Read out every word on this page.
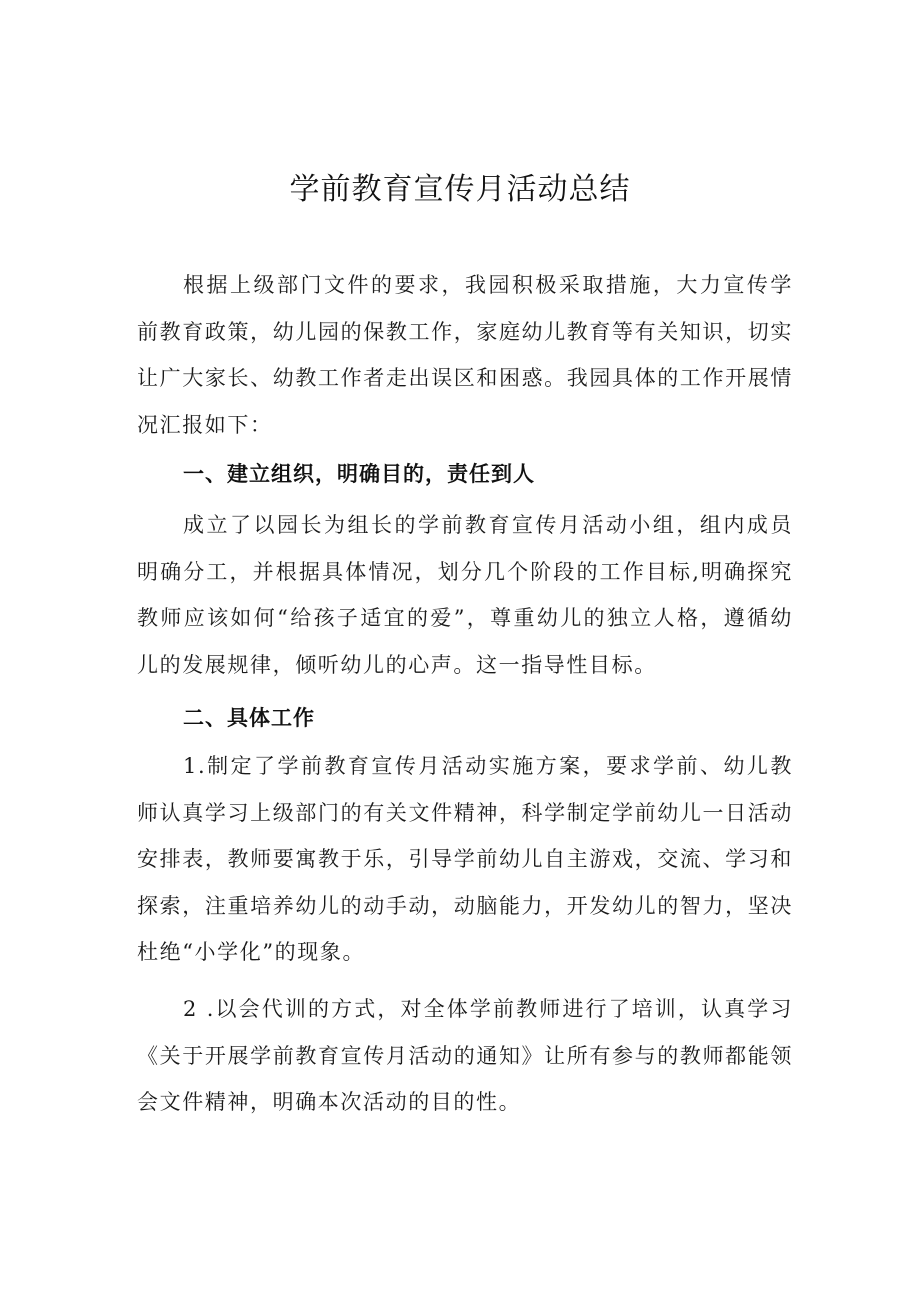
学前教育宣传月活动总结

根据上级部门文件的要求，我园积极采取措施，大力宣传学前教育政策，幼儿园的保教工作，家庭幼儿教育等有关知识，切实让广大家长、幼教工作者走出误区和困惑。我园具体的工作开展情况汇报如下：

一、建立组织，明确目的，责任到人

成立了以园长为组长的学前教育宣传月活动小组，组内成员明确分工，并根据具体情况，划分几个阶段的工作目标,明确探究教师应该如何“给孩子适宜的爱”，尊重幼儿的独立人格，遵循幼儿的发展规律，倾听幼儿的心声。这一指导性目标。

二、具体工作

1.制定了学前教育宣传月活动实施方案，要求学前、幼儿教师认真学习上级部门的有关文件精神，科学制定学前幼儿一日活动安排表，教师要寓教于乐，引导学前幼儿自主游戏，交流、学习和探索，注重培养幼儿的动手动，动脑能力，开发幼儿的智力，坚决杜绝“小学化”的现象。

2 .以会代训的方式，对全体学前教师进行了培训，认真学习《关于开展学前教育宣传月活动的通知》让所有参与的教师都能领会文件精神，明确本次活动的目的性。
